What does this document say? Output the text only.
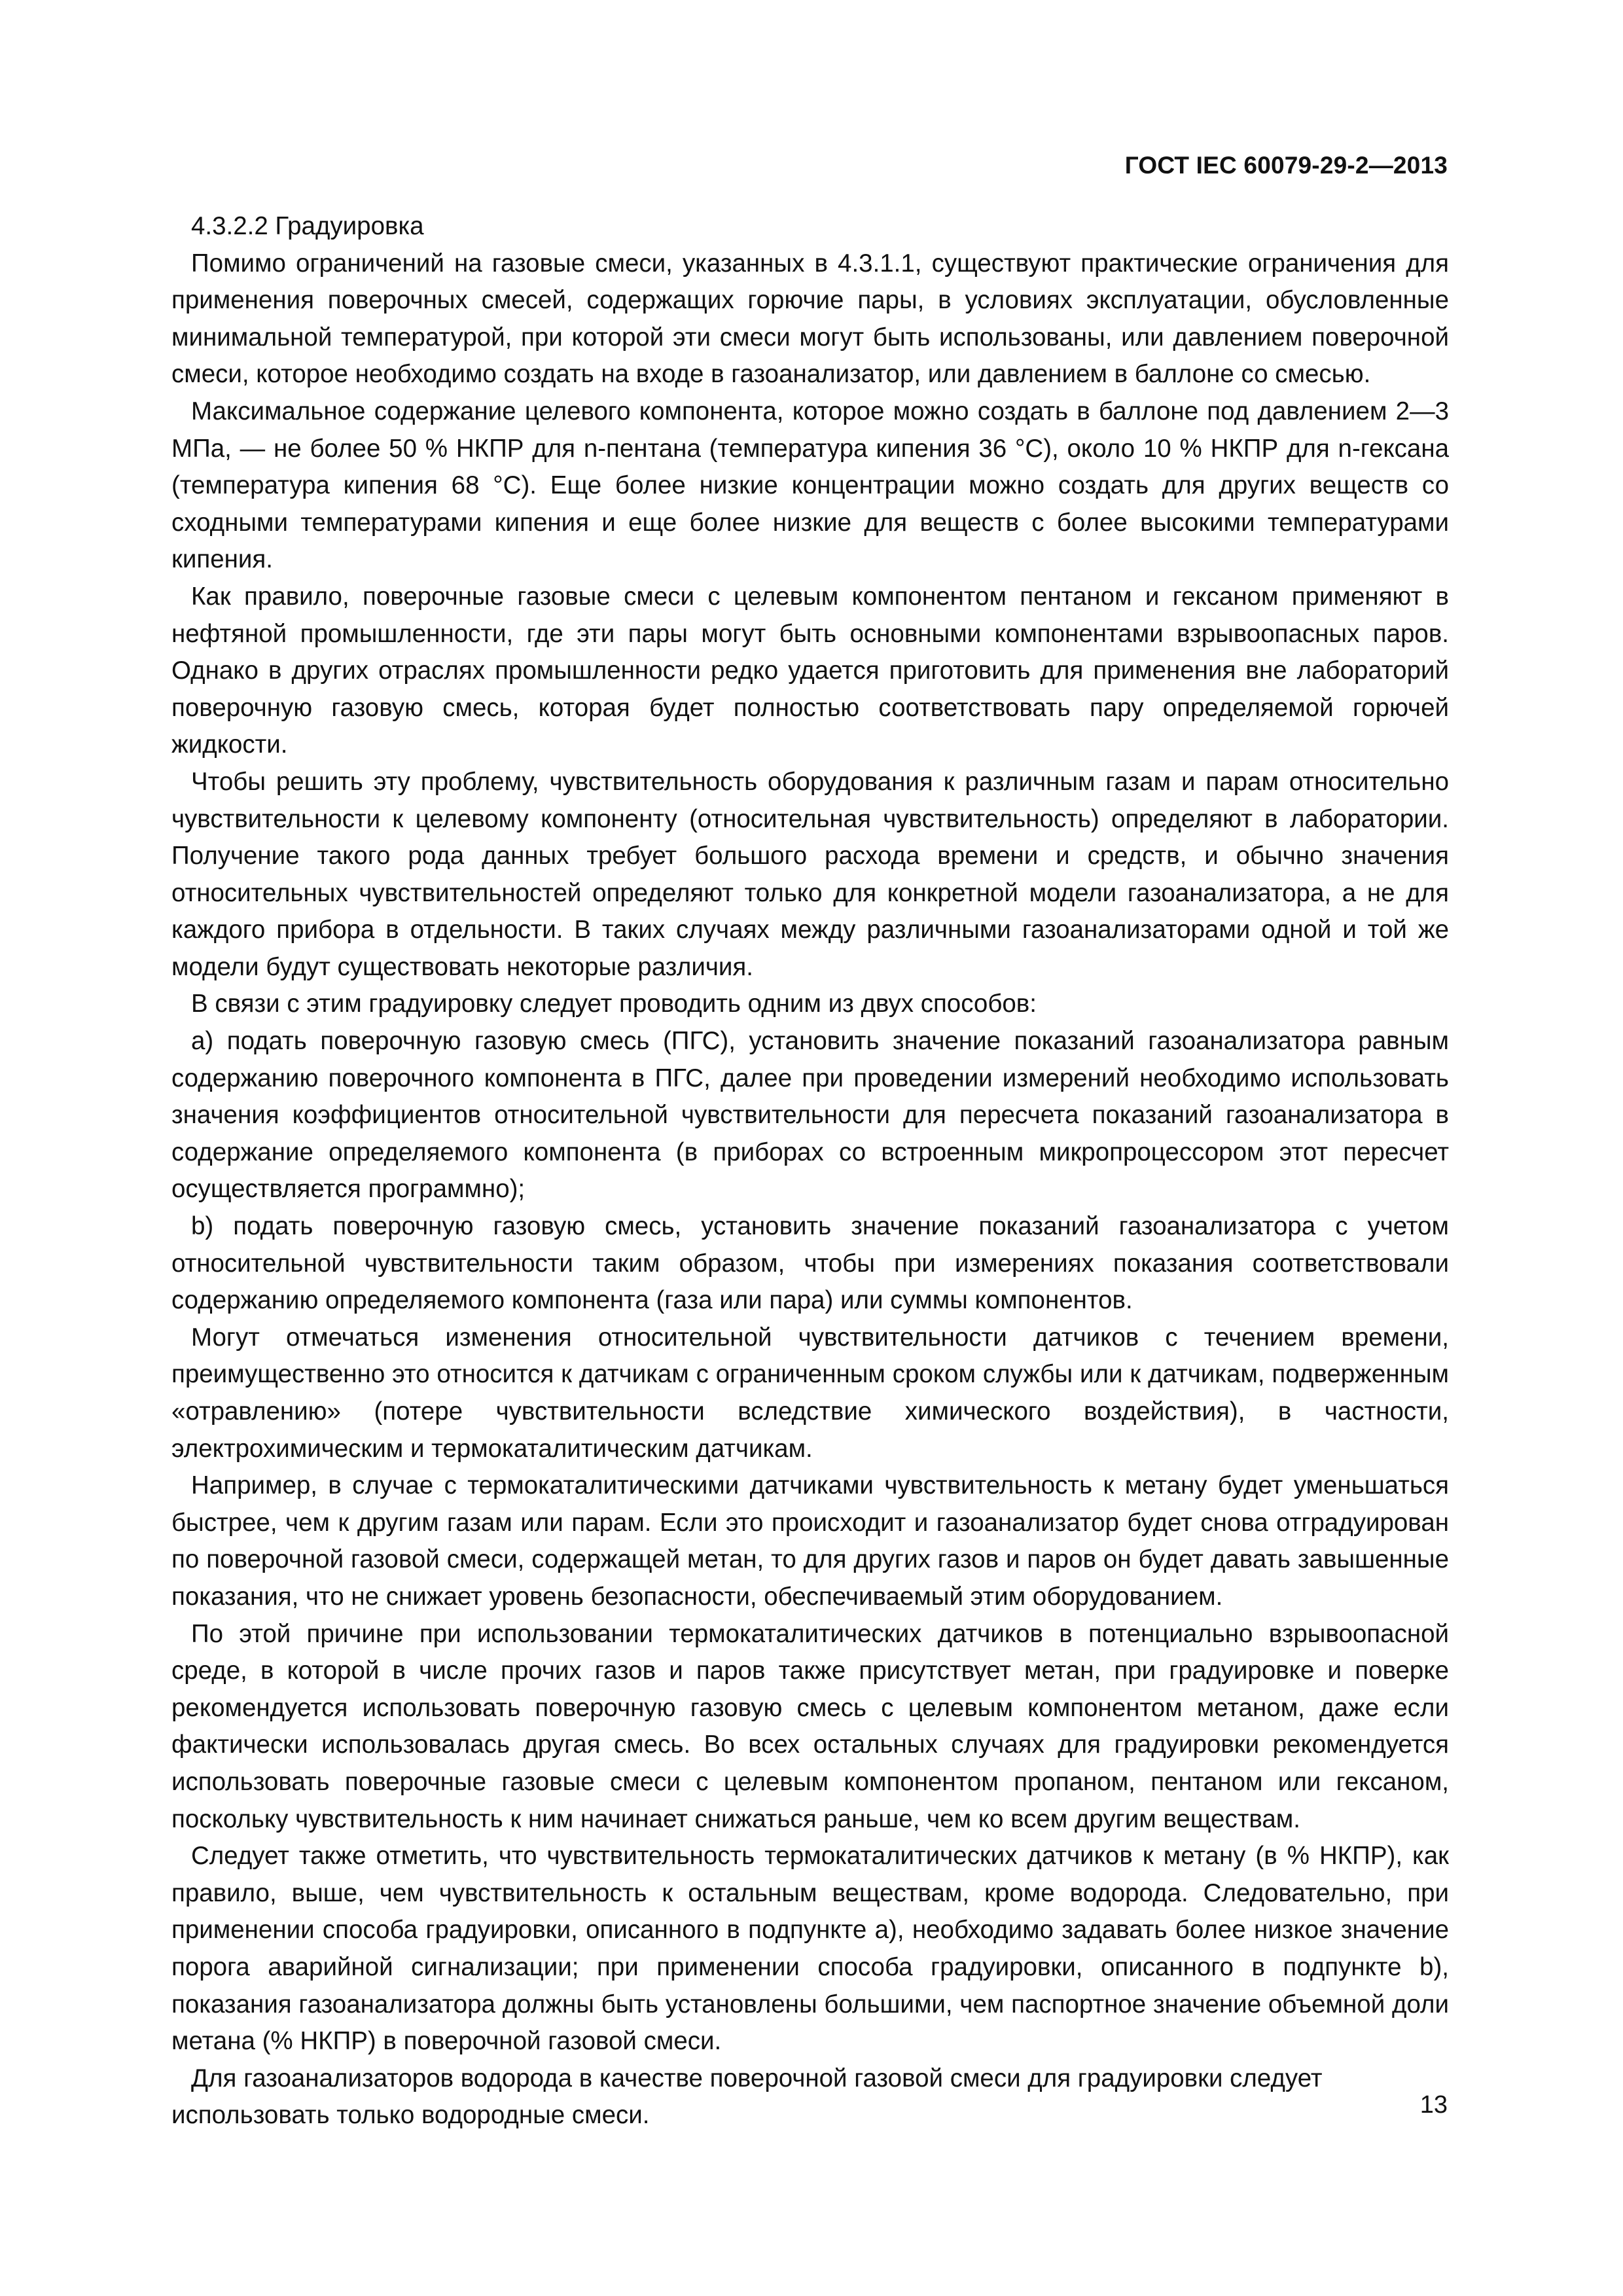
ГОСТ IEC 60079-29-2—2013

4.3.2.2 Градуировка

Помимо ограничений на газовые смеси, указанных в 4.3.1.1, существуют практические ограничения для применения поверочных смесей, содержащих горючие пары, в условиях эксплуатации, обусловленные минимальной температурой, при которой эти смеси могут быть использованы, или давлением поверочной смеси, которое необходимо создать на входе в газоанализатор, или давлением в баллоне со смесью.

Максимальное содержание целевого компонента, которое можно создать в баллоне под давлением 2—3 МПа, — не более 50 % НКПР для n-пентана (температура кипения 36 °С), около 10 % НКПР для n-гексана (температура кипения 68 °С). Еще более низкие концентрации можно создать для других веществ со сходными температурами кипения и еще более низкие для веществ с более высокими температурами кипения.

Как правило, поверочные газовые смеси с целевым компонентом пентаном и гексаном применяют в нефтяной промышленности, где эти пары могут быть основными компонентами взрывоопасных паров. Однако в других отраслях промышленности редко удается приготовить для применения вне лабораторий поверочную газовую смесь, которая будет полностью соответствовать пару определяемой горючей жидкости.

Чтобы решить эту проблему, чувствительность оборудования к различным газам и парам относительно чувствительности к целевому компоненту (относительная чувствительность) определяют в лаборатории. Получение такого рода данных требует большого расхода времени и средств, и обычно значения относительных чувствительностей определяют только для конкретной модели газоанализатора, а не для каждого прибора в отдельности. В таких случаях между различными газоанализаторами одной и той же модели будут существовать некоторые различия.

В связи с этим градуировку следует проводить одним из двух способов:

a) подать поверочную газовую смесь (ПГС), установить значение показаний газоанализатора равным содержанию поверочного компонента в ПГС, далее при проведении измерений необходимо использовать значения коэффициентов относительной чувствительности для пересчета показаний газоанализатора в содержание определяемого компонента (в приборах со встроенным микропроцессором этот пересчет осуществляется программно);

b) подать поверочную газовую смесь, установить значение показаний газоанализатора с учетом относительной чувствительности таким образом, чтобы при измерениях показания соответствовали содержанию определяемого компонента (газа или пара) или суммы компонентов.

Могут отмечаться изменения относительной чувствительности датчиков с течением времени, преимущественно это относится к датчикам с ограниченным сроком службы или к датчикам, подверженным «отравлению» (потере чувствительности вследствие химического воздействия), в частности, электрохимическим и термокаталитическим датчикам.

Например, в случае с термокаталитическими датчиками чувствительность к метану будет уменьшаться быстрее, чем к другим газам или парам. Если это происходит и газоанализатор будет снова отградуирован по поверочной газовой смеси, содержащей метан, то для других газов и паров он будет давать завышенные показания, что не снижает уровень безопасности, обеспечиваемый этим оборудованием.

По этой причине при использовании термокаталитических датчиков в потенциально взрывоопасной среде, в которой в числе прочих газов и паров также присутствует метан, при градуировке и поверке рекомендуется использовать поверочную газовую смесь с целевым компонентом метаном, даже если фактически использовалась другая смесь. Во всех остальных случаях для градуировки рекомендуется использовать поверочные газовые смеси с целевым компонентом пропаном, пентаном или гексаном, поскольку чувствительность к ним начинает снижаться раньше, чем ко всем другим веществам.

Следует также отметить, что чувствительность термокаталитических датчиков к метану (в % НКПР), как правило, выше, чем чувствительность к остальным веществам, кроме водорода. Следовательно, при применении способа градуировки, описанного в подпункте a), необходимо задавать более низкое значение порога аварийной сигнализации; при применении способа градуировки, описанного в подпункте b), показания газоанализатора должны быть установлены большими, чем паспортное значение объемной доли метана (% НКПР) в поверочной газовой смеси.

Для газоанализаторов водорода в качестве поверочной газовой смеси для градуировки следует использовать только водородные смеси.	13
